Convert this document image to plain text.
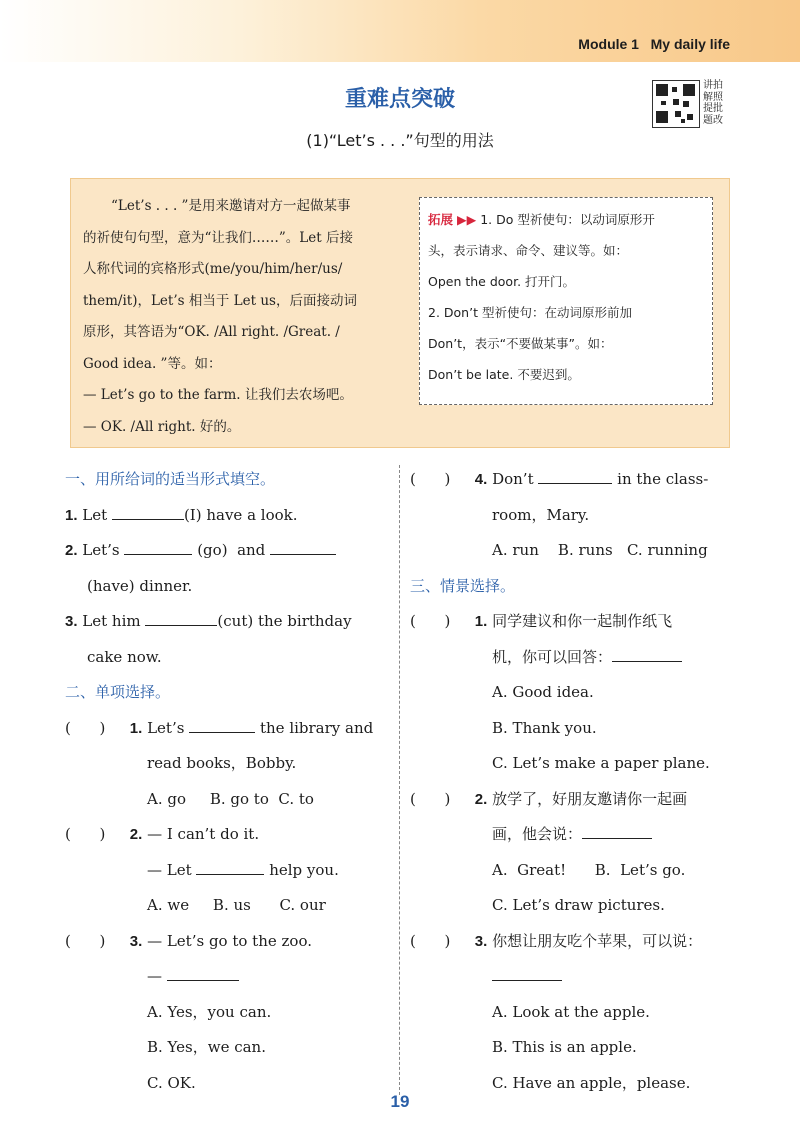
Module 1   My daily life
重难点突破
(1)“Let’s . . .”句型的用法
讲拍解照提批题改

“Let’s . . . ”是用来邀请对方一起做某事

的祈使句句型，意为“让我们……”。Let 后接

人称代词的宾格形式(me/you/him/her/us/

them/it)，Let’s 相当于 Let us，后面接动词

原形，其答语为“OK. /All right. /Great. /

Good idea. ”等。如：

— Let’s go to the farm. 让我们去农场吧。

— OK. /All right. 好的。

拓展 ▶▶ 1. Do 型祈使句：以动词原形开

头，表示请求、命令、建议等。如：

Open the door. 打开门。

2. Don’t 型祈使句：在动词原形前加

Don’t，表示“不要做某事”。如：

Don’t be late. 不要迟到。

一、用所给词的适当形式填空。
1. Let	(I) have a look.
2. Let’s	(go)  and
(have) dinner.
3. Let him	(cut) the birthday
cake now.
二、单项选择。
(      ) 1. Let’s	the library and
read books，Bobby.
A. go     B. go to  C. to
(      ) 2. — I can’t do it.
— Let	help you.
A. we     B. us      C. our
(      ) 3. — Let’s go to the zoo.
—
A. Yes，you can.
B. Yes，we can.
C. OK.
(      ) 4. Don’t	in the class-
room，Mary.
A. run    B. runs   C. running
三、情景选择。
(      ) 1. 同学建议和你一起制作纸飞
机，你可以回答：
A. Good idea.
B. Thank you.
C. Let’s make a paper plane.
(      ) 2. 放学了，好朋友邀请你一起画
画，他会说：
A.  Great!      B.  Let’s go.
C. Let’s draw pictures.
(      ) 3. 你想让朋友吃个苹果，可以说：
A. Look at the apple.
B. This is an apple.
C. Have an apple，please.
19
